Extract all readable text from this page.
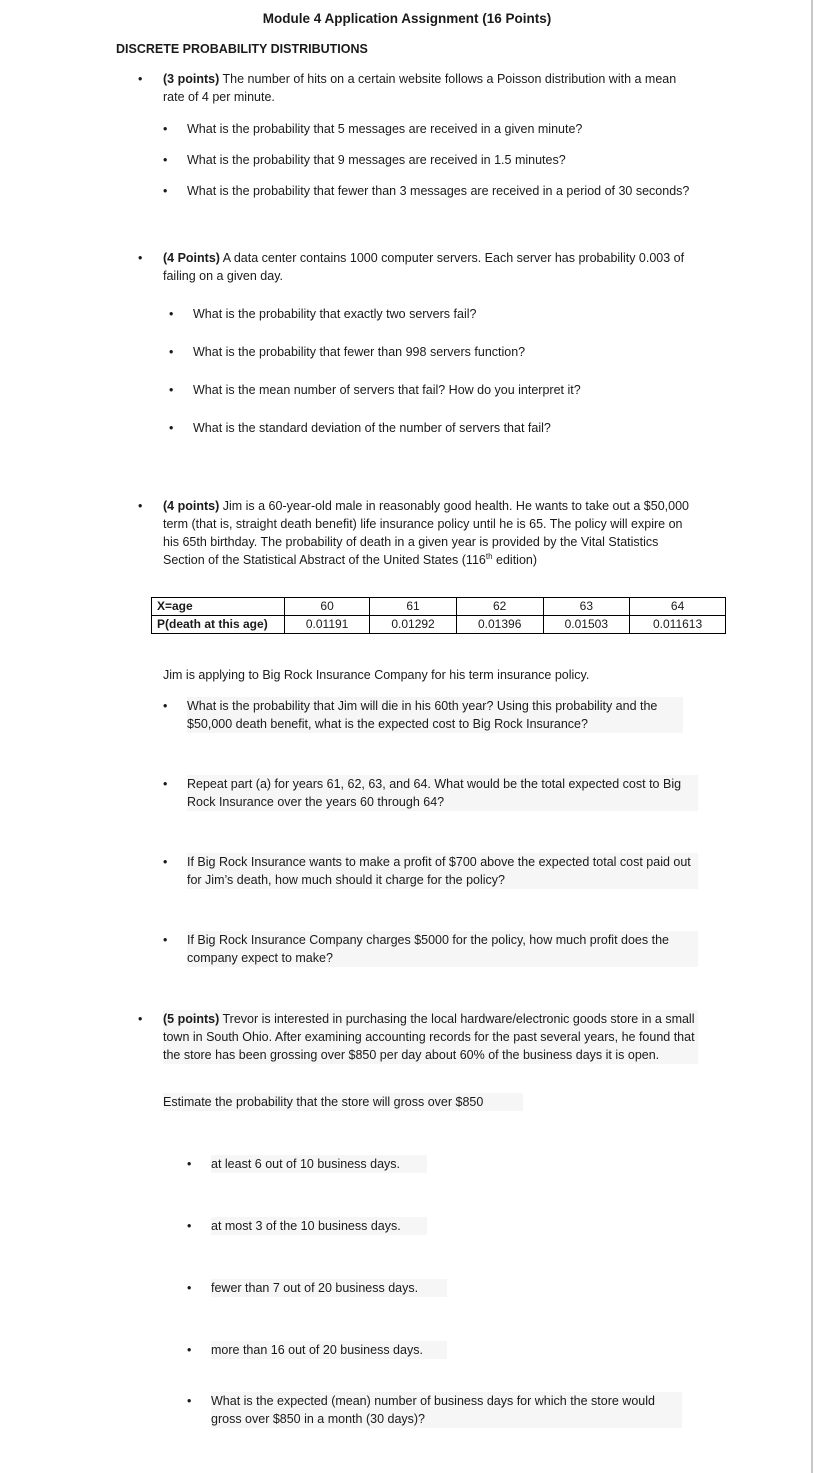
Module 4 Application Assignment (16 Points)
DISCRETE PROBABILITY DISTRIBUTIONS
• (3 points) The number of hits on a certain website follows a Poisson distribution with a mean rate of 4 per minute.
• What is the probability that 5 messages are received in a given minute?
• What is the probability that 9 messages are received in 1.5 minutes?
• What is the probability that fewer than 3 messages are received in a period of 30 seconds?
• (4 Points) A data center contains 1000 computer servers. Each server has probability 0.003 of failing on a given day.
• What is the probability that exactly two servers fail?
• What is the probability that fewer than 998 servers function?
• What is the mean number of servers that fail? How do you interpret it?
• What is the standard deviation of the number of servers that fail?
• (4 points) Jim is a 60-year-old male in reasonably good health. He wants to take out a $50,000 term (that is, straight death benefit) life insurance policy until he is 65. The policy will expire on his 65th birthday. The probability of death in a given year is provided by the Vital Statistics Section of the Statistical Abstract of the United States (116th edition)
X=age	60	61	62	63	64
P(death at this age)	0.01191	0.01292	0.01396	0.01503	0.011613
Jim is applying to Big Rock Insurance Company for his term insurance policy.
• What is the probability that Jim will die in his 60th year? Using this probability and the $50,000 death benefit, what is the expected cost to Big Rock Insurance?
• Repeat part (a) for years 61, 62, 63, and 64. What would be the total expected cost to Big Rock Insurance over the years 60 through 64?
• If Big Rock Insurance wants to make a profit of $700 above the expected total cost paid out for Jim’s death, how much should it charge for the policy?
• If Big Rock Insurance Company charges $5000 for the policy, how much profit does the company expect to make?
• (5 points) Trevor is interested in purchasing the local hardware/electronic goods store in a small town in South Ohio. After examining accounting records for the past several years, he found that the store has been grossing over $850 per day about 60% of the business days it is open.
Estimate the probability that the store will gross over $850
• at least 6 out of 10 business days.
• at most 3 of the 10 business days.
• fewer than 7 out of 20 business days.
• more than 16 out of 20 business days.
• What is the expected (mean) number of business days for which the store would gross over $850 in a month (30 days)?
